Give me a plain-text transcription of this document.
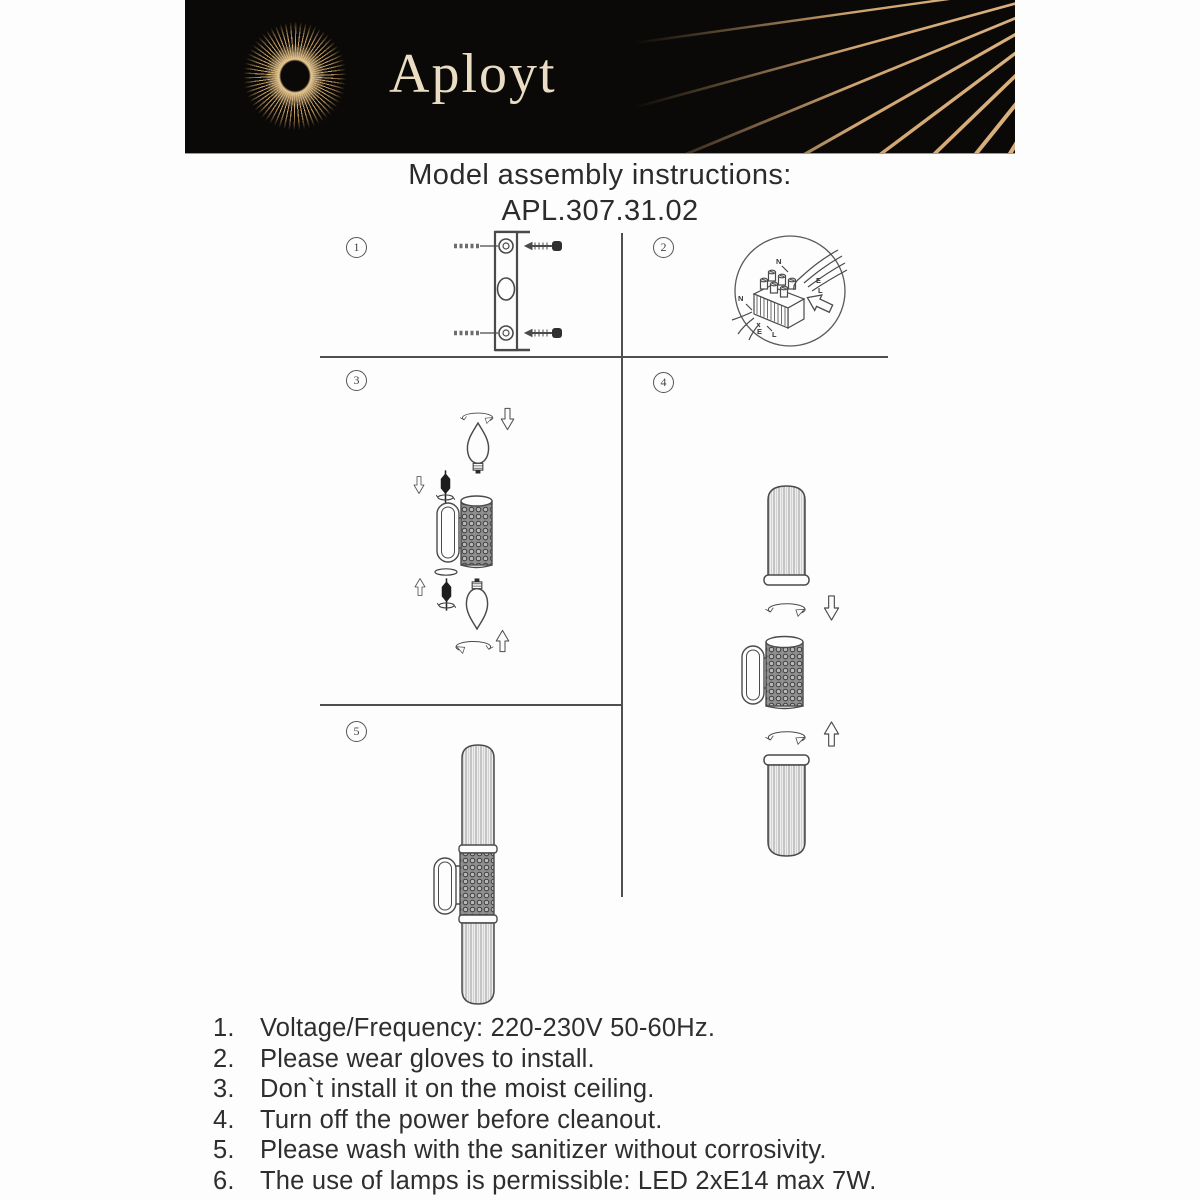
Aployt
Model assembly instructions:
APL.307.31.02
1	2
3	4
5
N
E
L
N
E L
1. Voltage/Frequency: 220-230V 50-60Hz.
2. Please wear gloves to install.
3. Don`t install it on the moist ceiling.
4. Turn off the power before cleanout.
5. Please wash with the sanitizer without corrosivity.
6. The use of lamps is permissible: LED 2xE14 max 7W.
